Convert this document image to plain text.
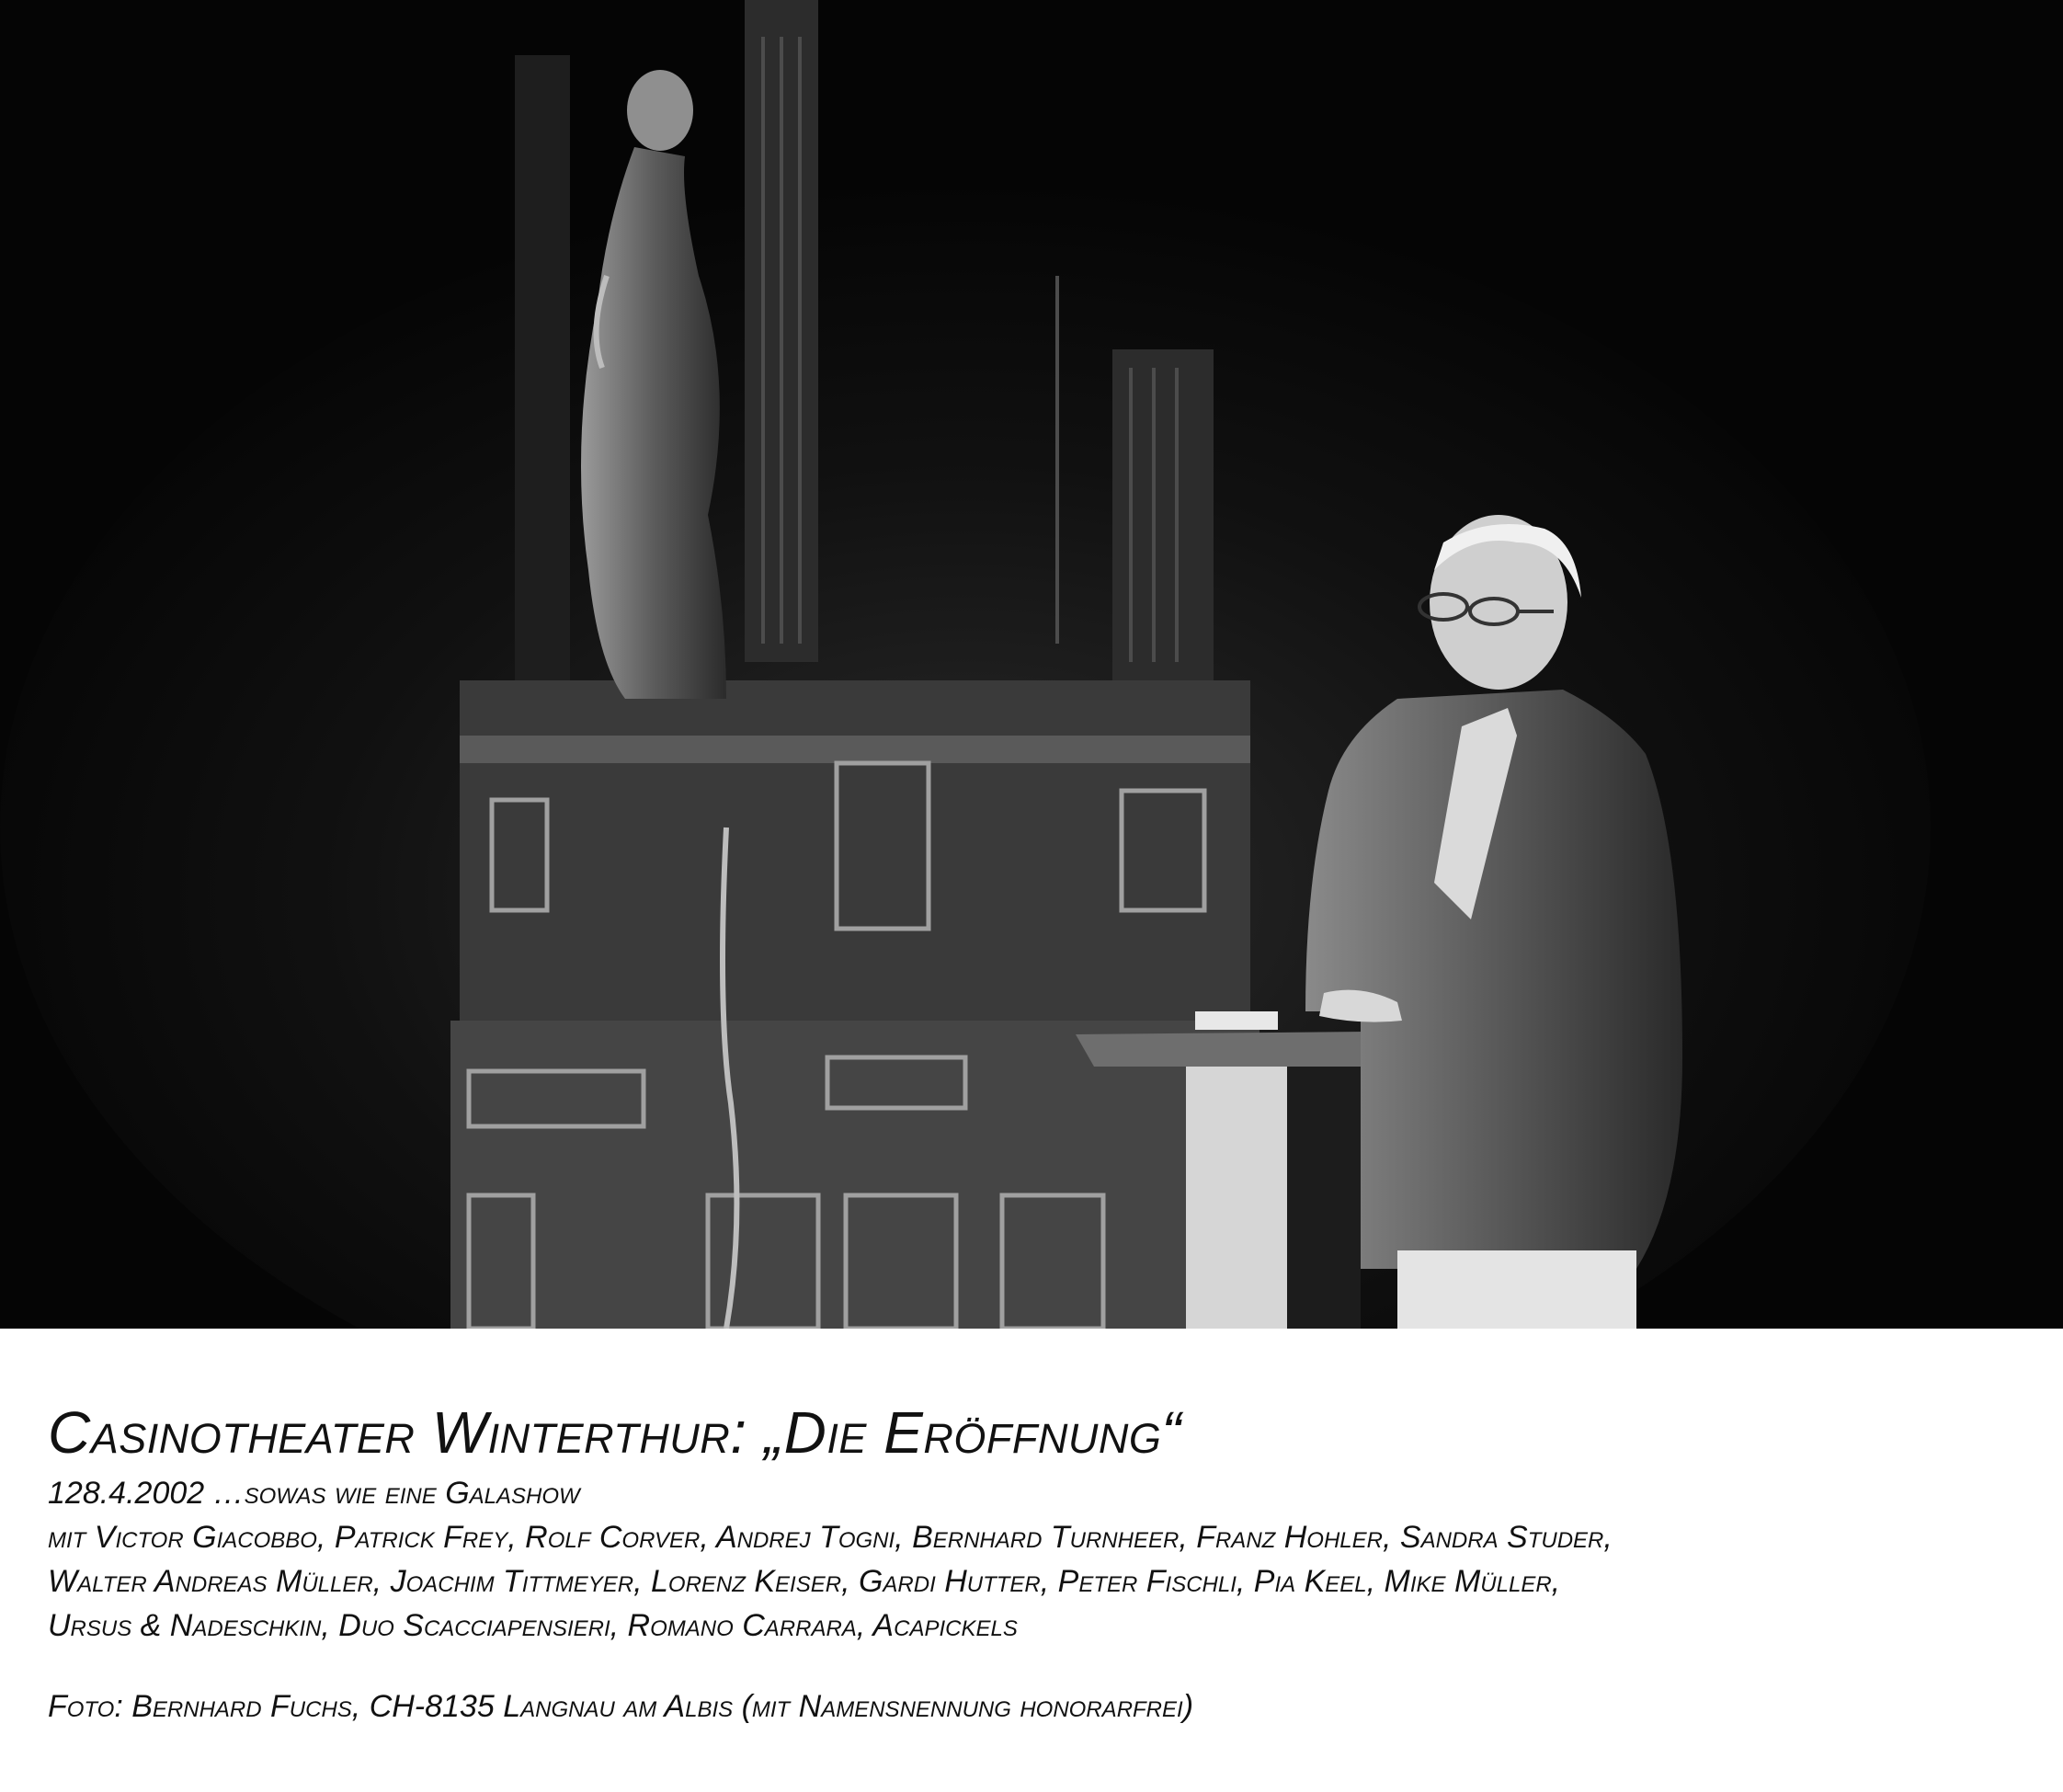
Casinotheater Winterthur: „Die Eröffnung“

128.4.2002 …sowas wie eine Galashow

mit Victor Giacobbo, Patrick Frey, Rolf Corver, Andrej Togni, Bernhard Turnheer, Franz Hohler, Sandra Studer,

Walter Andreas Müller, Joachim Tittmeyer, Lorenz Keiser, Gardi Hutter, Peter Fischli, Pia Keel, Mike Müller,

Ursus & Nadeschkin, Duo Scacciapensieri, Romano Carrara, Acapickels

Foto: Bernhard Fuchs, CH-8135 Langnau am Albis (mit Namensnennung honorarfrei)
